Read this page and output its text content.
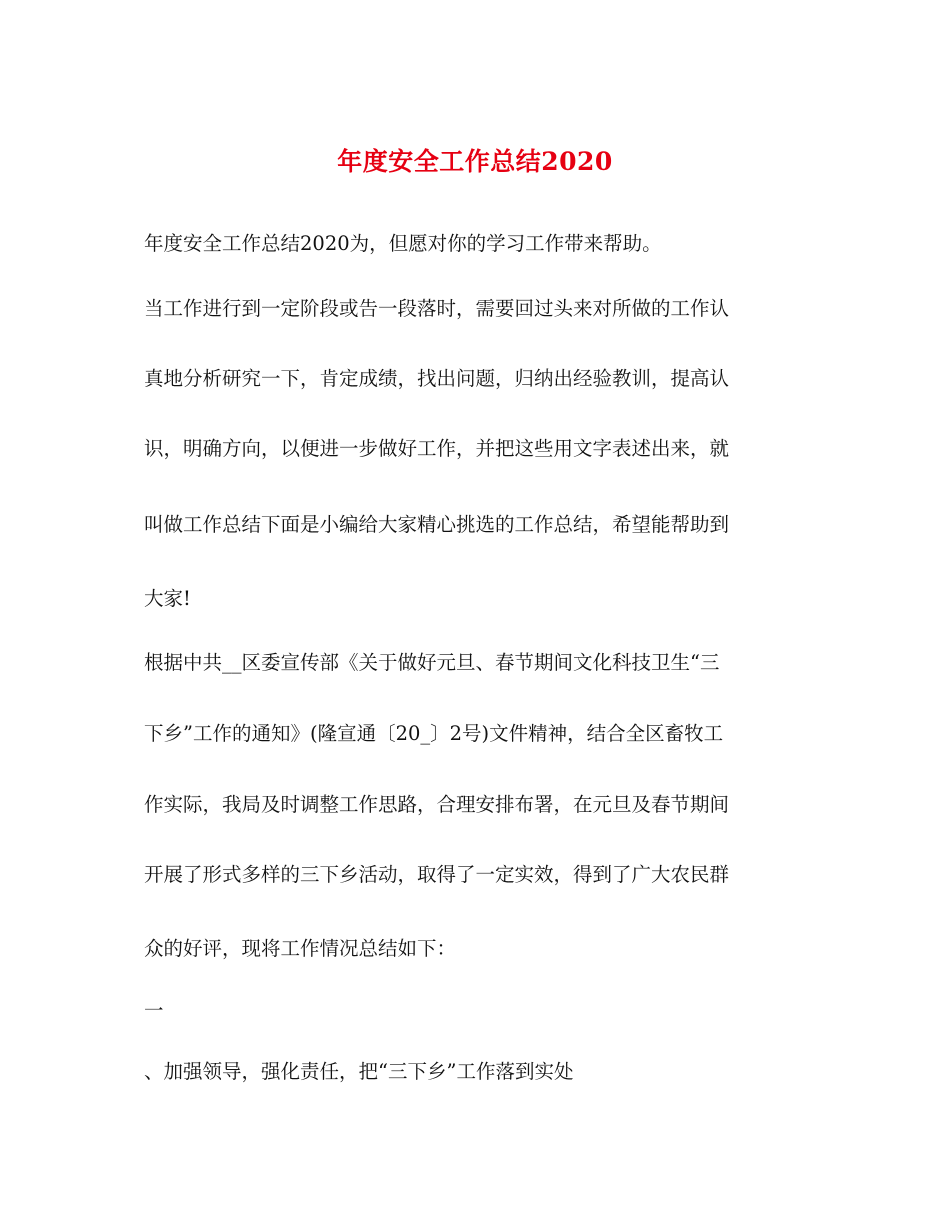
年度安全工作总结2020

年度安全工作总结2020为，但愿对你的学习工作带来帮助。

当工作进行到一定阶段或告一段落时，需要回过头来对所做的工作认

真地分析研究一下，肯定成绩，找出问题，归纳出经验教训，提高认

识，明确方向，以便进一步做好工作，并把这些用文字表述出来，就

叫做工作总结下面是小编给大家精心挑选的工作总结，希望能帮助到

大家!

根据中共__区委宣传部《关于做好元旦、春节期间文化科技卫生“三

下乡”工作的通知》(隆宣通〔20_〕2号)文件精神，结合全区畜牧工

作实际，我局及时调整工作思路，合理安排布署，在元旦及春节期间

开展了形式多样的三下乡活动，取得了一定实效，得到了广大农民群

众的好评，现将工作情况总结如下：

一

、加强领导，强化责任，把“三下乡”工作落到实处
